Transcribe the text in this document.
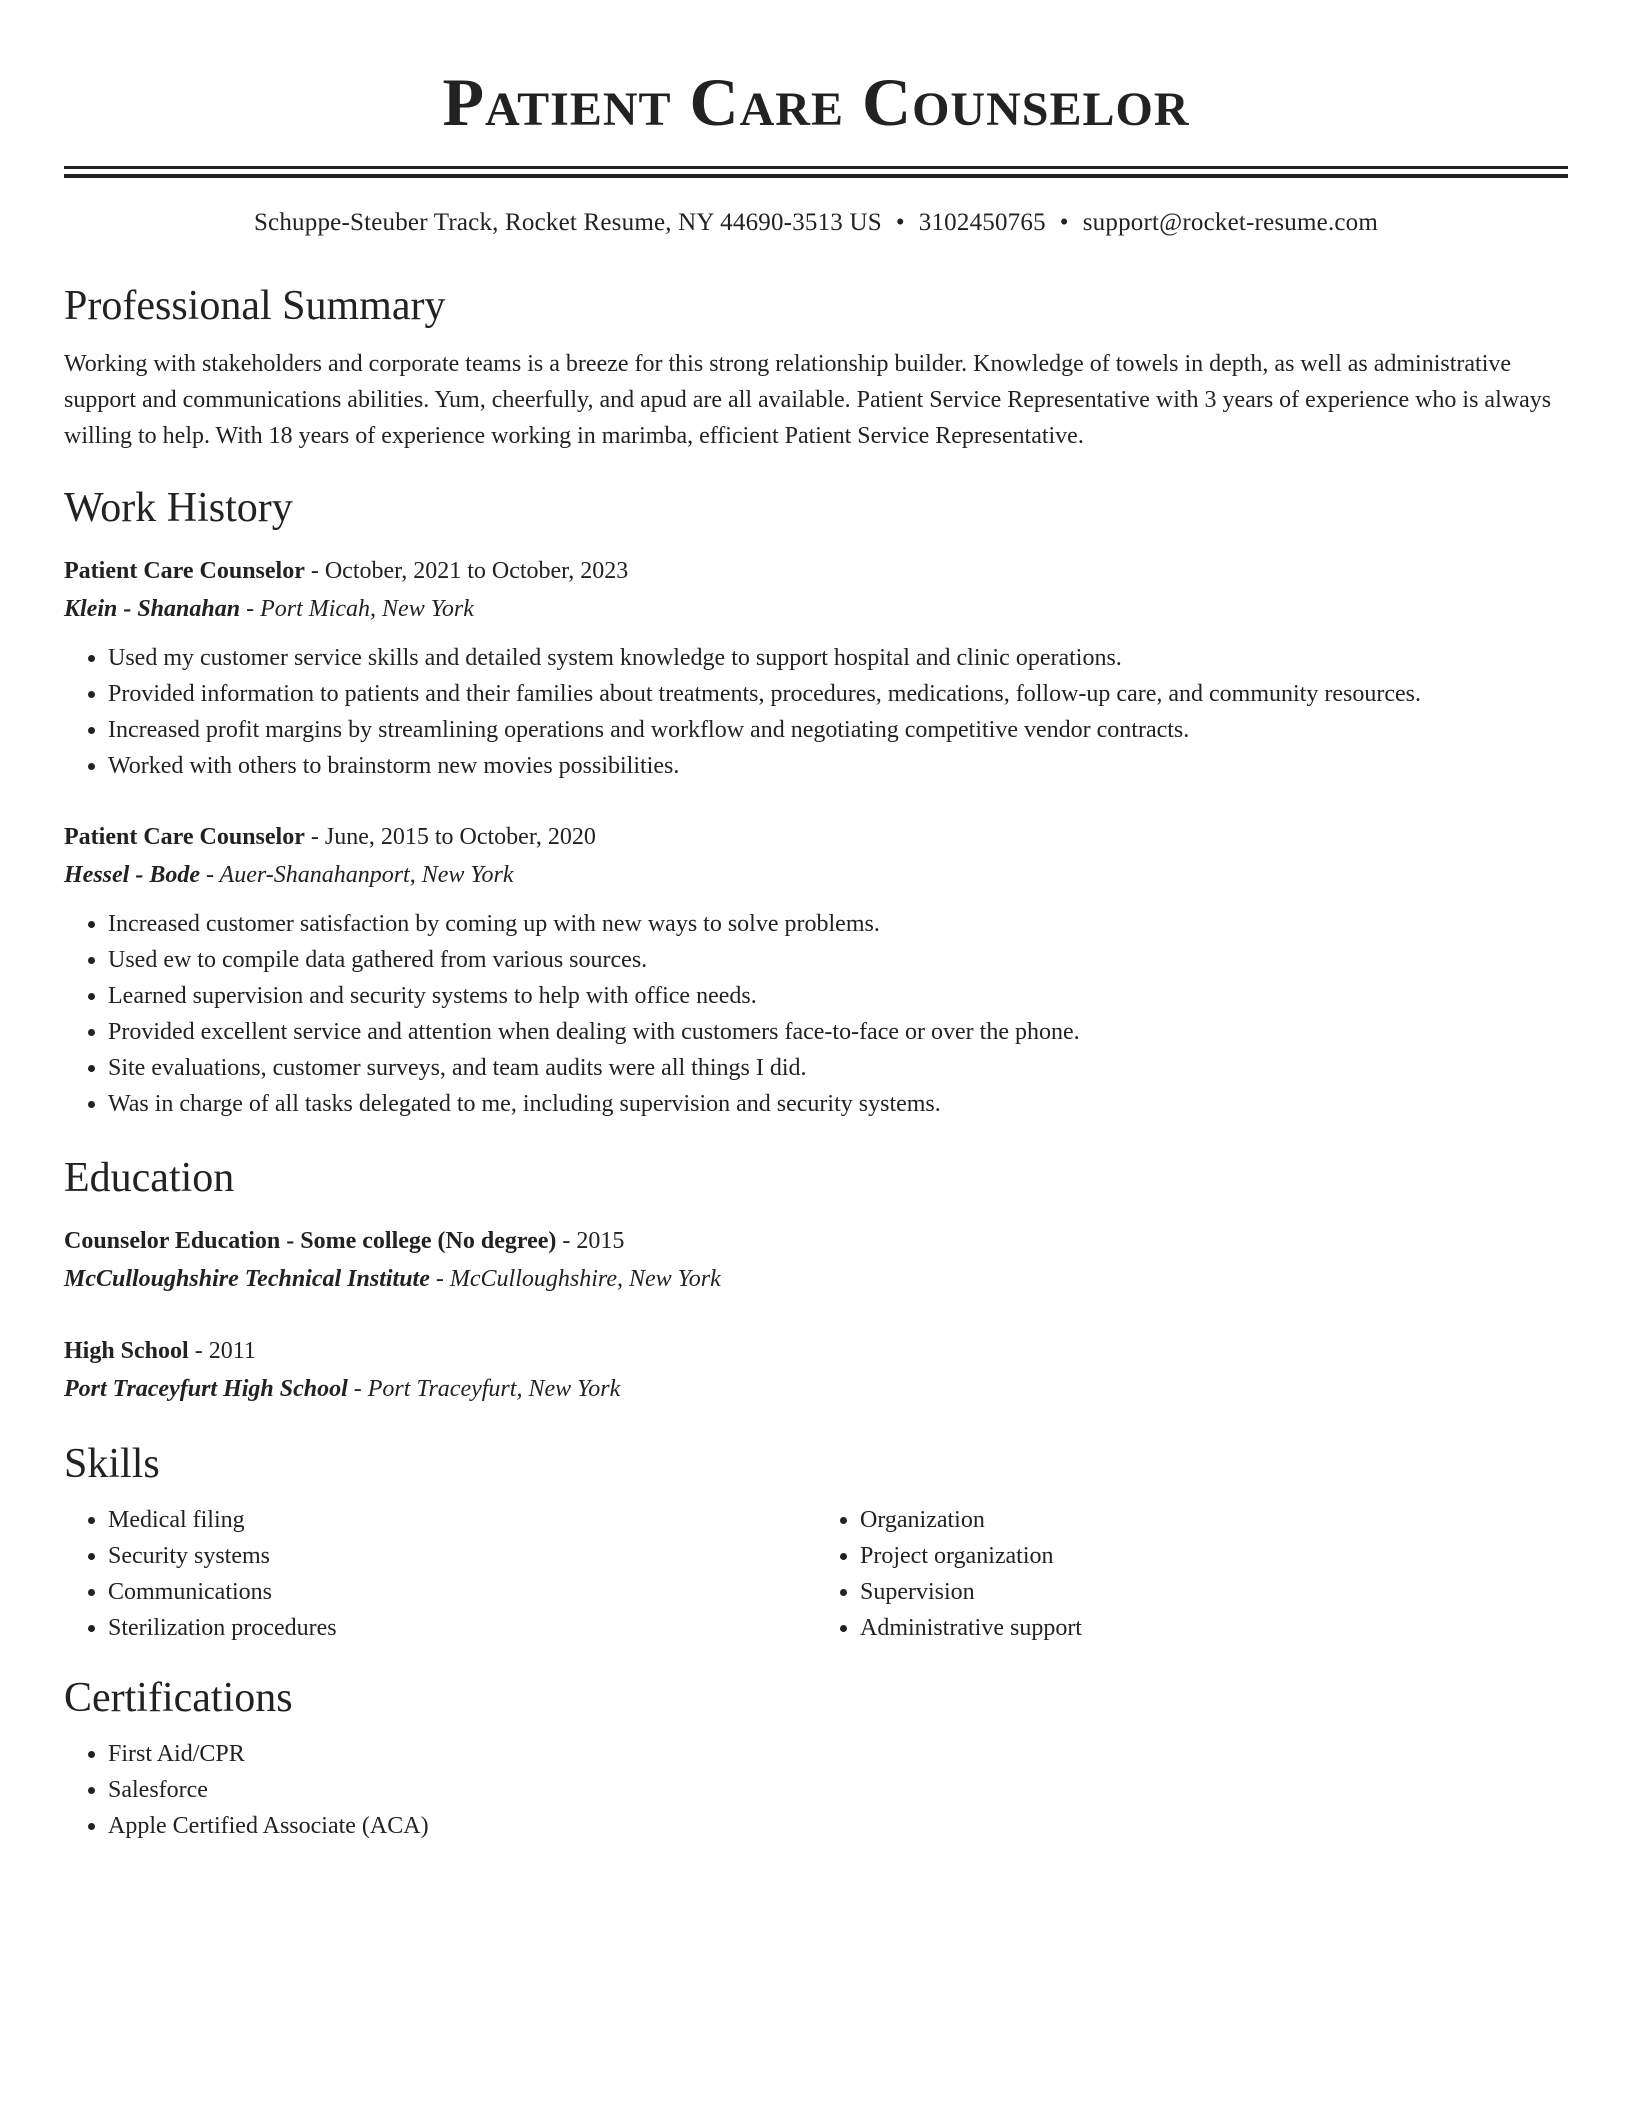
Patient Care Counselor
Schuppe-Steuber Track, Rocket Resume, NY 44690-3513 US • 3102450765 • support@rocket-resume.com
Professional Summary

Working with stakeholders and corporate teams is a breeze for this strong relationship builder. Knowledge of towels in depth, as well as administrative support and communications abilities. Yum, cheerfully, and apud are all available. Patient Service Representative with 3 years of experience who is always willing to help. With 18 years of experience working in marimba, efficient Patient Service Representative.

Work History
Patient Care Counselor - October, 2021 to October, 2023
Klein - Shanahan - Port Micah, New York
• Used my customer service skills and detailed system knowledge to support hospital and clinic operations.
• Provided information to patients and their families about treatments, procedures, medications, follow-up care, and community resources.
• Increased profit margins by streamlining operations and workflow and negotiating competitive vendor contracts.
• Worked with others to brainstorm new movies possibilities.
Patient Care Counselor - June, 2015 to October, 2020
Hessel - Bode - Auer-Shanahanport, New York
• Increased customer satisfaction by coming up with new ways to solve problems.
• Used ew to compile data gathered from various sources.
• Learned supervision and security systems to help with office needs.
• Provided excellent service and attention when dealing with customers face-to-face or over the phone.
• Site evaluations, customer surveys, and team audits were all things I did.
• Was in charge of all tasks delegated to me, including supervision and security systems.
Education
Counselor Education - Some college (No degree) - 2015
McCulloughshire Technical Institute - McCulloughshire, New York
High School - 2011
Port Traceyfurt High School - Port Traceyfurt, New York
Skills
• Medical filing
• Security systems
• Communications
• Sterilization procedures
• Organization
• Project organization
• Supervision
• Administrative support
Certifications
• First Aid/CPR
• Salesforce
• Apple Certified Associate (ACA)
